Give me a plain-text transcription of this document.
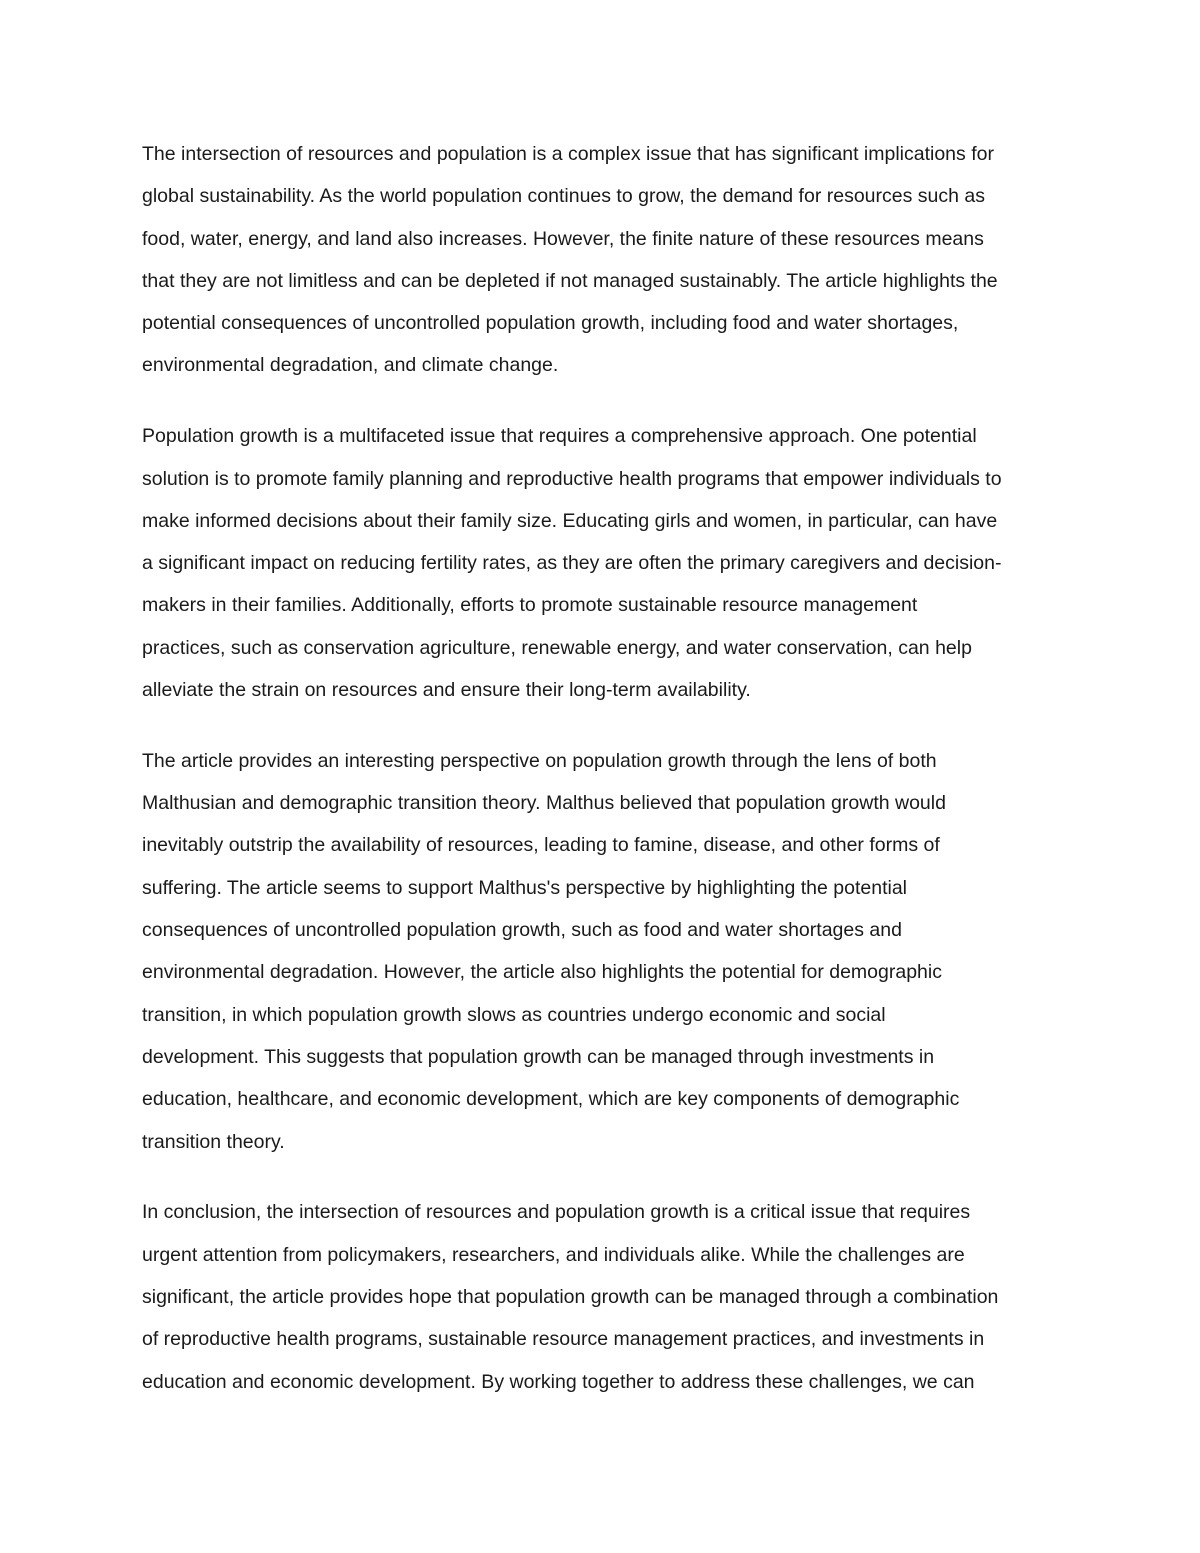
The intersection of resources and population is a complex issue that has significant implications for
global sustainability. As the world population continues to grow, the demand for resources such as
food, water, energy, and land also increases. However, the finite nature of these resources means
that they are not limitless and can be depleted if not managed sustainably. The article highlights the
potential consequences of uncontrolled population growth, including food and water shortages,
environmental degradation, and climate change.

Population growth is a multifaceted issue that requires a comprehensive approach. One potential
solution is to promote family planning and reproductive health programs that empower individuals to
make informed decisions about their family size. Educating girls and women, in particular, can have
a significant impact on reducing fertility rates, as they are often the primary caregivers and decision-
makers in their families. Additionally, efforts to promote sustainable resource management
practices, such as conservation agriculture, renewable energy, and water conservation, can help
alleviate the strain on resources and ensure their long-term availability.

The article provides an interesting perspective on population growth through the lens of both
Malthusian and demographic transition theory. Malthus believed that population growth would
inevitably outstrip the availability of resources, leading to famine, disease, and other forms of
suffering. The article seems to support Malthus's perspective by highlighting the potential
consequences of uncontrolled population growth, such as food and water shortages and
environmental degradation. However, the article also highlights the potential for demographic
transition, in which population growth slows as countries undergo economic and social
development. This suggests that population growth can be managed through investments in
education, healthcare, and economic development, which are key components of demographic
transition theory.

In conclusion, the intersection of resources and population growth is a critical issue that requires
urgent attention from policymakers, researchers, and individuals alike. While the challenges are
significant, the article provides hope that population growth can be managed through a combination
of reproductive health programs, sustainable resource management practices, and investments in
education and economic development. By working together to address these challenges, we can
